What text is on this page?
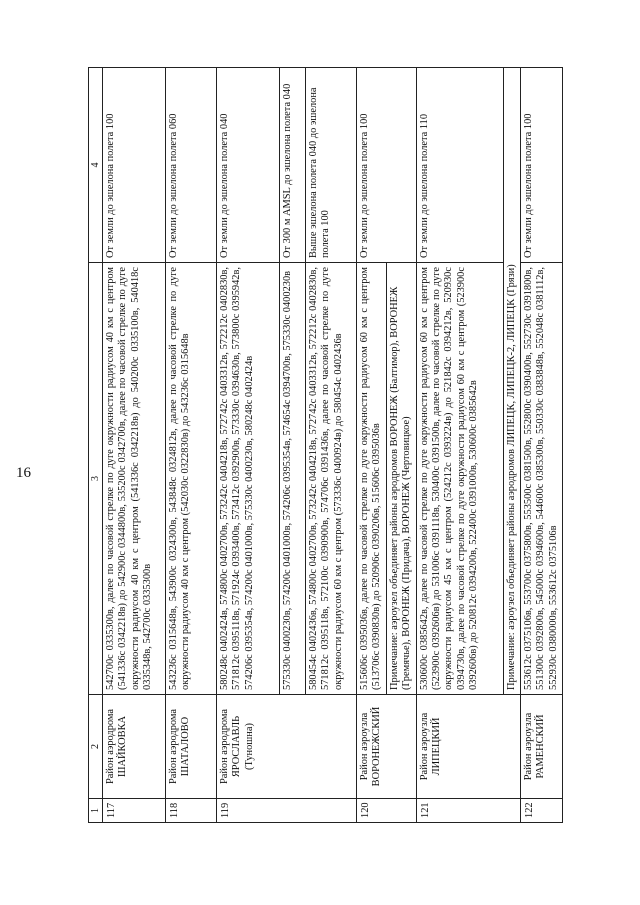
16
1	2	3	4
117	Район аэродрома ШАЙКОВКА	542700с 0335300в, далее по часовой стрелке по дуге окружности радиусом 40 км с центром (541336с 0342218в) до 542900с 0344800в, 535200с 0342700в, далее по часовой стрелке по дуге окружности радиусом 40 км с центром (541336с 0342218в) до 540200с 0335100в, 540418с 0335348в, 542700с 0335300в	От земли до эшелона полета 100
118	Район аэродрома ШАТАЛОВО	543236с 0315648в, 543900с 0324300в, 543848с 0324812в, далее по часовой стрелке по дуге окружности радиусом 40 км с центром (542030с 0322830в) до 543236с 0315648в	От земли до эшелона полета 060
119	Район аэродрома ЯРОСЛАВЛЬ (Туношна)	580248с 0402424в, 574800с 0402700в, 573242с 0404218в, 572742с 0403312в, 572212с 0402830в, 571812с 0395118в, 571924с 0393400в, 573412с 0392900в, 573330с 0394630в, 573800с 0395942в, 574206с 0395354в, 574200с 0401000в, 575330с 0400230в, 580248с 0402424в	От земли до эшелона полета 040
		575330с 0400230в, 574200с 0401000в, 574206с 0395354в, 574654с 0394700в, 575330с 0400230в	От 300 м AMSL до эшелона полета 040
		580454с 0402436в, 574800с 0402700в, 573242с 0404218в, 572742с 0403312в, 572212с 0402830в, 571812с 0395118в, 572100с 0390900в, 574706с 0391436в, далее по часовой стрелке по дуге окружности радиусом 60 км с центром (573336с 0400924в) до 580454с 0402436в	Выше эшелона полета 040 до эшелона полета 100
120	Район аэроузла ВОРОНЕЖСКИЙ	515606с 0395036в, далее по часовой стрелке по дуге окружности радиусом 60 км с центром (513706с 0390830в) до 520906с 0390206в, 515606с 0395036в	От земли до эшелона полета 100
		Примечание: аэроузел объединяет районы аэродромов ВОРОНЕЖ (Балтимор), ВОРОНЕЖ (Гремячье), ВОРОНЕЖ (Придача), ВОРОНЕЖ (Чертовицкое)	
121	Район аэроузла ЛИПЕЦКИЙ	530600с 0385642в, далее по часовой стрелке по дуге окружности радиусом 60 км с центром (523900с 0392606в) до 531006с 0391118в, 530400с 0391500в, далее по часовой стрелке по дуге окружности радиусом 45 км с центром (524212с 0393224в) до 521842с 0394212в, 520930с 0394730в, далее по часовой стрелке по дуге окружности радиусом 60 км с центром (523900с 0392606в) до 520812с 0394200в, 522400с 0391000в, 530600с 0385642в	От земли до эшелона полета 110
		Примечание: аэроузел объединяет районы аэродромов ЛИПЕЦК, ЛИПЕЦК-2, ЛИПЕЦК (Грязи)	
122	Район аэроузла РАМЕНСКИЙ	553612с 0375106в, 553700с 0375800в, 553500с 0381500в, 552800с 0390400в, 552730с 0391800в, 551300с 0392800в, 545000с 0394600в, 544600с 0385300в, 550330с 0383848в, 552048с 0381112в, 552930с 0380000в, 553612с 0375106в	От земли до эшелона полета 100
